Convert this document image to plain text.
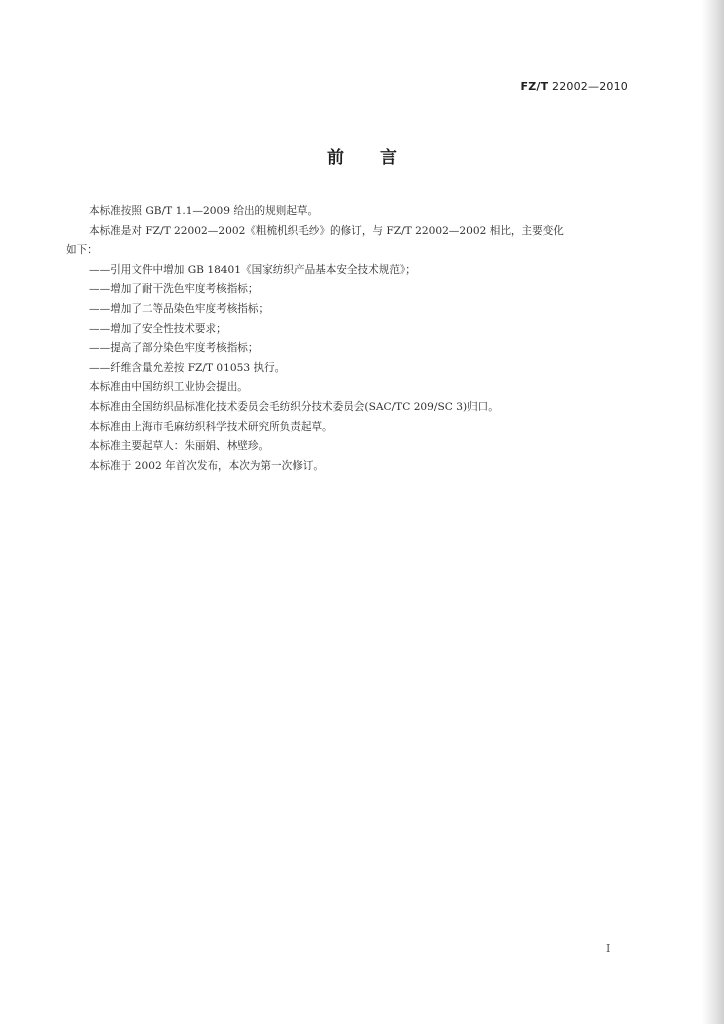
FZ/T 22002—2010
前 言

本标准按照 GB/T 1.1—2009 给出的规则起草。

本标准是对 FZ/T 22002—2002《粗梳机织毛纱》的修订，与 FZ/T 22002—2002 相比，主要变化

如下：

——引用文件中增加 GB 18401《国家纺织产品基本安全技术规范》；

——增加了耐干洗色牢度考核指标；

——增加了二等品染色牢度考核指标；

——增加了安全性技术要求；

——提高了部分染色牢度考核指标；

——纤维含量允差按 FZ/T 01053 执行。

本标准由中国纺织工业协会提出。

本标准由全国纺织品标准化技术委员会毛纺织分技术委员会(SAC/TC 209/SC 3)归口。

本标准由上海市毛麻纺织科学技术研究所负责起草。

本标准主要起草人：朱丽娟、林壁珍。

本标准于 2002 年首次发布，本次为第一次修订。

I
